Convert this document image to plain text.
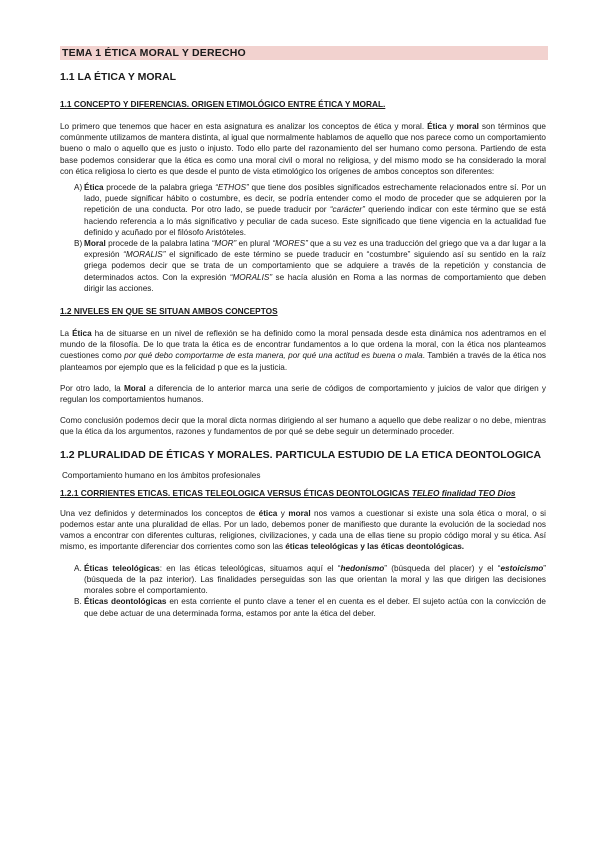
TEMA 1 ÉTICA MORAL Y DERECHO
1.1 LA ÉTICA Y MORAL
1.1 CONCEPTO Y DIFERENCIAS. ORIGEN ETIMOLÓGICO ENTRE ÉTICA Y MORAL.

Lo primero que tenemos que hacer en esta asignatura es analizar los conceptos de ética y moral. Ética y moral son términos que comúnmente utilizamos de mantera distinta, al igual que normalmente hablamos de aquello que nos parece como un comportamiento bueno o malo o aquello que es justo o injusto. Todo ello parte del razonamiento del ser humano como persona. Partiendo de esta base podemos considerar que la ética es como una moral civil o moral no religiosa, y del mismo modo se ha considerado la moral con ética religiosa lo cierto es que desde el punto de vista etimológico los orígenes de ambos conceptos son diferentes:

A) Ética procede de la palabra griega “ETHOS” que tiene dos posibles significados estrechamente relacionados entre sí. Por un lado, puede significar hábito o costumbre, es decir, se podría entender como el modo de proceder que se adquieren por la repetición de una conducta. Por otro lado, se puede traducir por “carácter” queriendo indicar con este término que se está haciendo referencia a lo más significativo y peculiar de cada suceso. Este significado que tiene vigencia en la actualidad fue definido y acuñado por el filósofo Aristóteles.
B) Moral procede de la palabra latina “MOR” en plural “MORES” que a su vez es una traducción del griego que va a dar lugar a la expresión “MORALIS” el significado de este término se puede traducir en “costumbre” siguiendo así su sentido en la raíz griega podemos decir que se trata de un comportamiento que se adquiere a través de la repetición y constancia de determinados actos. Con la expresión “MORALIS” se hacía alusión en Roma a las normas de comportamiento que deben dirigir las acciones.
1.2 NIVELES EN QUE SE SITUAN AMBOS CONCEPTOS

La Ética ha de situarse en un nivel de reflexión se ha definido como la moral pensada desde esta dinámica nos adentramos en el mundo de la filosofía. De lo que trata la ética es de encontrar fundamentos a lo que ordena la moral, con la ética nos planteamos cuestiones como por qué debo comportarme de esta manera, por qué una actitud es buena o mala. También a través de la ética nos planteamos por ejemplo que es la felicidad p que es la justicia.

Por otro lado, la Moral a diferencia de lo anterior marca una serie de códigos de comportamiento y juicios de valor que dirigen y regulan los comportamientos humanos.

Como conclusión podemos decir que la moral dicta normas dirigiendo al ser humano a aquello que debe realizar o no debe, mientras que la ética da los argumentos, razones y fundamentos de por qué se debe seguir un determinado proceder.

1.2 PLURALIDAD DE ÉTICAS Y MORALES. PARTICULA ESTUDIO DE LA ETICA DEONTOLOGICA

Comportamiento humano en los ámbitos profesionales

1.2.1 CORRIENTES ETICAS. ETICAS TELEOLOGICA VERSUS ÉTICAS DEONTOLOGICAS TELEO finalidad TEO Dios

Una vez definidos y determinados los conceptos de ética y moral nos vamos a cuestionar si existe una sola ética o moral, o si podemos estar ante una pluralidad de ellas. Por un lado, debemos poner de manifiesto que durante la evolución de la sociedad nos vamos a encontrar con diferentes culturas, religiones, civilizaciones, y cada una de ellas tiene su propio código moral y su ética. Así mismo, es importante diferenciar dos corrientes como son las éticas teleológicas y las éticas deontológicas.

A. Éticas teleológicas: en las éticas teleológicas, situamos aquí el “hedonismo” (búsqueda del placer) y el “estoicismo” (búsqueda de la paz interior). Las finalidades perseguidas son las que orientan la moral y las que dirigen las decisiones morales sobre el comportamiento.
B. Éticas deontológicas en esta corriente el punto clave a tener el en cuenta es el deber. El sujeto actúa con la convicción de que debe actuar de una determinada forma, estamos por ante la ética del deber.
